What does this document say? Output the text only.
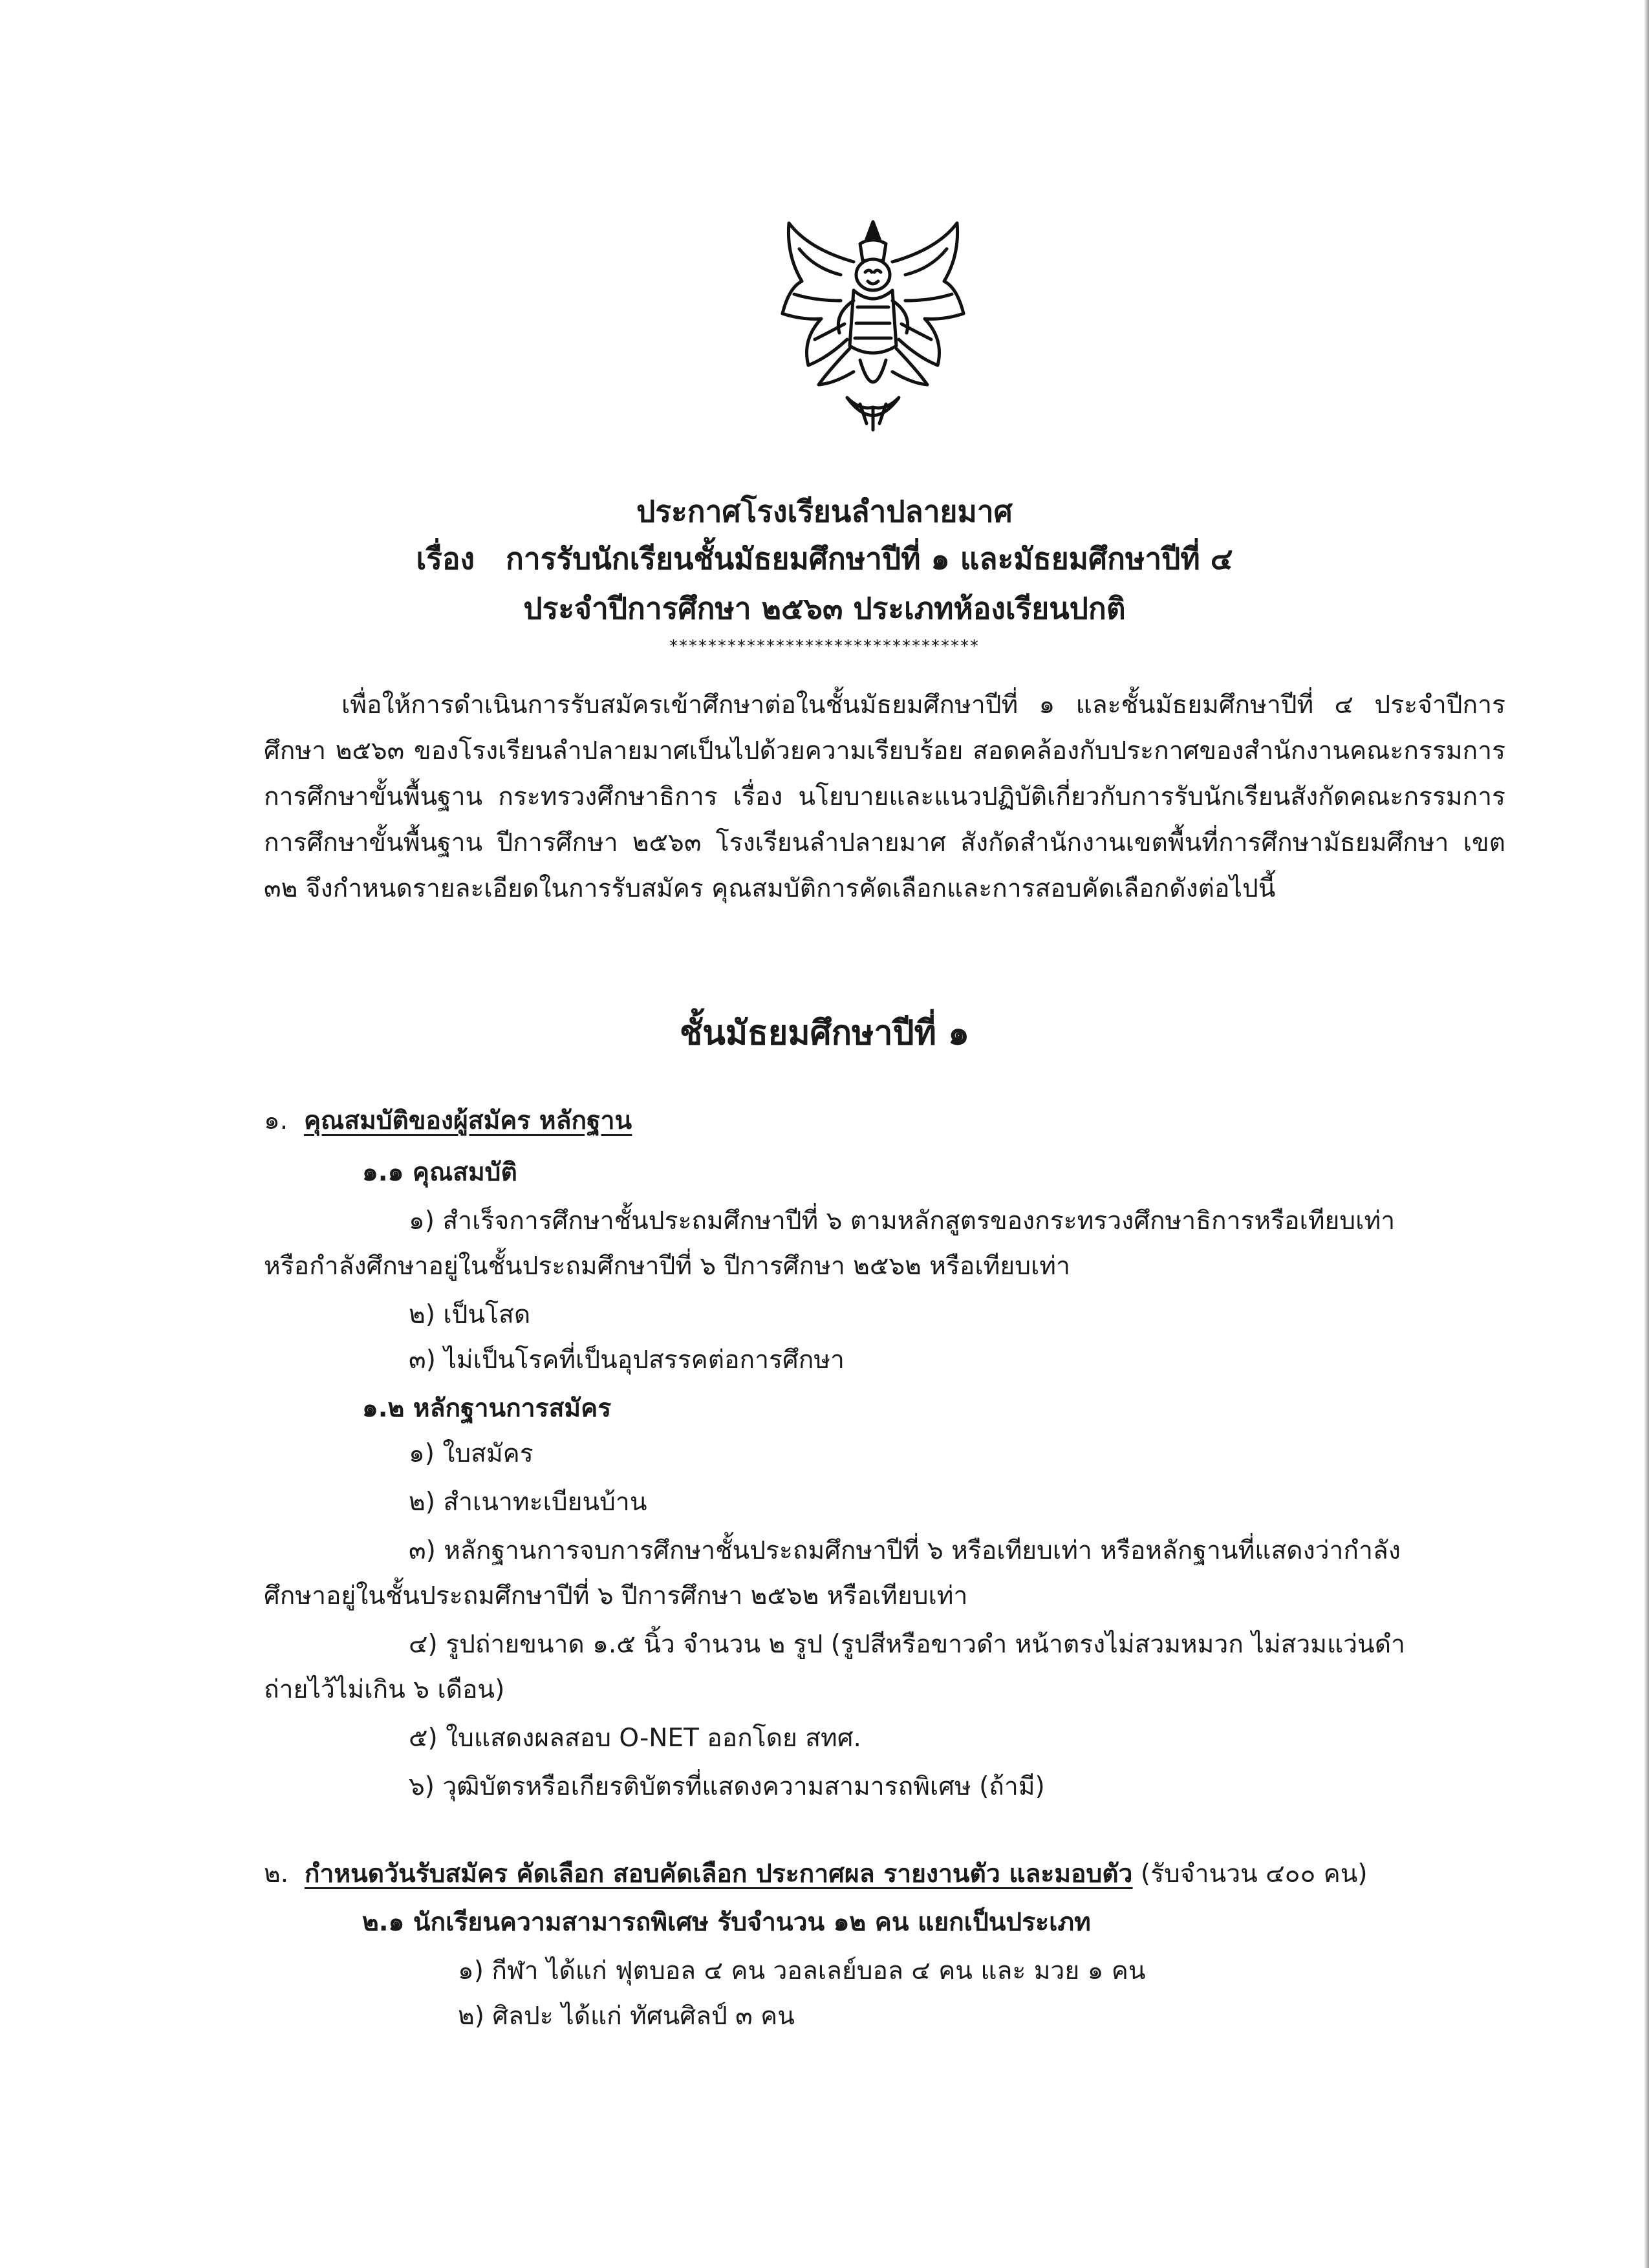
ประกาศโรงเรียนลำปลายมาศ
เรื่อง การรับนักเรียนชั้นมัธยมศึกษาปีที่ ๑ และมัธยมศึกษาปีที่ ๔
ประจำปีการศึกษา ๒๕๖๓ ประเภทห้องเรียนปกติ
********************************
เพื่อให้การดำเนินการรับสมัครเข้าศึกษาต่อในชั้นมัธยมศึกษาปีที่ ๑ และชั้นมัธยมศึกษาปีที่ ๔ ประจำปีการศึกษา ๒๕๖๓ ของโรงเรียนลำปลายมาศเป็นไปด้วยความเรียบร้อย สอดคล้องกับประกาศของสำนักงานคณะกรรมการการศึกษาขั้นพื้นฐาน กระทรวงศึกษาธิการ เรื่อง นโยบายและแนวปฏิบัติเกี่ยวกับการรับนักเรียนสังกัดคณะกรรมการการศึกษาขั้นพื้นฐาน ปีการศึกษา ๒๕๖๓ โรงเรียนลำปลายมาศ สังกัดสำนักงานเขตพื้นที่การศึกษามัธยมศึกษา เขต ๓๒ จึงกำหนดรายละเอียดในการรับสมัคร คุณสมบัติการคัดเลือกและการสอบคัดเลือกดังต่อไปนี้
ชั้นมัธยมศึกษาปีที่ ๑
๑. คุณสมบัติของผู้สมัคร หลักฐาน
๑.๑ คุณสมบัติ
๑) สำเร็จการศึกษาชั้นประถมศึกษาปีที่ ๖ ตามหลักสูตรของกระทรวงศึกษาธิการหรือเทียบเท่า
หรือกำลังศึกษาอยู่ในชั้นประถมศึกษาปีที่ ๖ ปีการศึกษา ๒๕๖๒ หรือเทียบเท่า
๒) เป็นโสด
๓) ไม่เป็นโรคที่เป็นอุปสรรคต่อการศึกษา
๑.๒ หลักฐานการสมัคร
๑) ใบสมัคร
๒) สำเนาทะเบียนบ้าน
๓) หลักฐานการจบการศึกษาชั้นประถมศึกษาปีที่ ๖ หรือเทียบเท่า หรือหลักฐานที่แสดงว่ากำลัง
ศึกษาอยู่ในชั้นประถมศึกษาปีที่ ๖ ปีการศึกษา ๒๕๖๒ หรือเทียบเท่า
๔) รูปถ่ายขนาด ๑.๕ นิ้ว จำนวน ๒ รูป (รูปสีหรือขาวดำ หน้าตรงไม่สวมหมวก ไม่สวมแว่นดำ
ถ่ายไว้ไม่เกิน ๖ เดือน)
๕) ใบแสดงผลสอบ O-NET ออกโดย สทศ.
๖) วุฒิบัตรหรือเกียรติบัตรที่แสดงความสามารถพิเศษ (ถ้ามี)
๒. กำหนดวันรับสมัคร คัดเลือก สอบคัดเลือก ประกาศผล รายงานตัว และมอบตัว (รับจำนวน ๔๐๐ คน)
๒.๑ นักเรียนความสามารถพิเศษ รับจำนวน ๑๒ คน แยกเป็นประเภท
๑) กีฬา ได้แก่ ฟุตบอล ๔ คน วอลเลย์บอล ๔ คน และ มวย ๑ คน
๒) ศิลปะ ได้แก่ ทัศนศิลป์ ๓ คน
